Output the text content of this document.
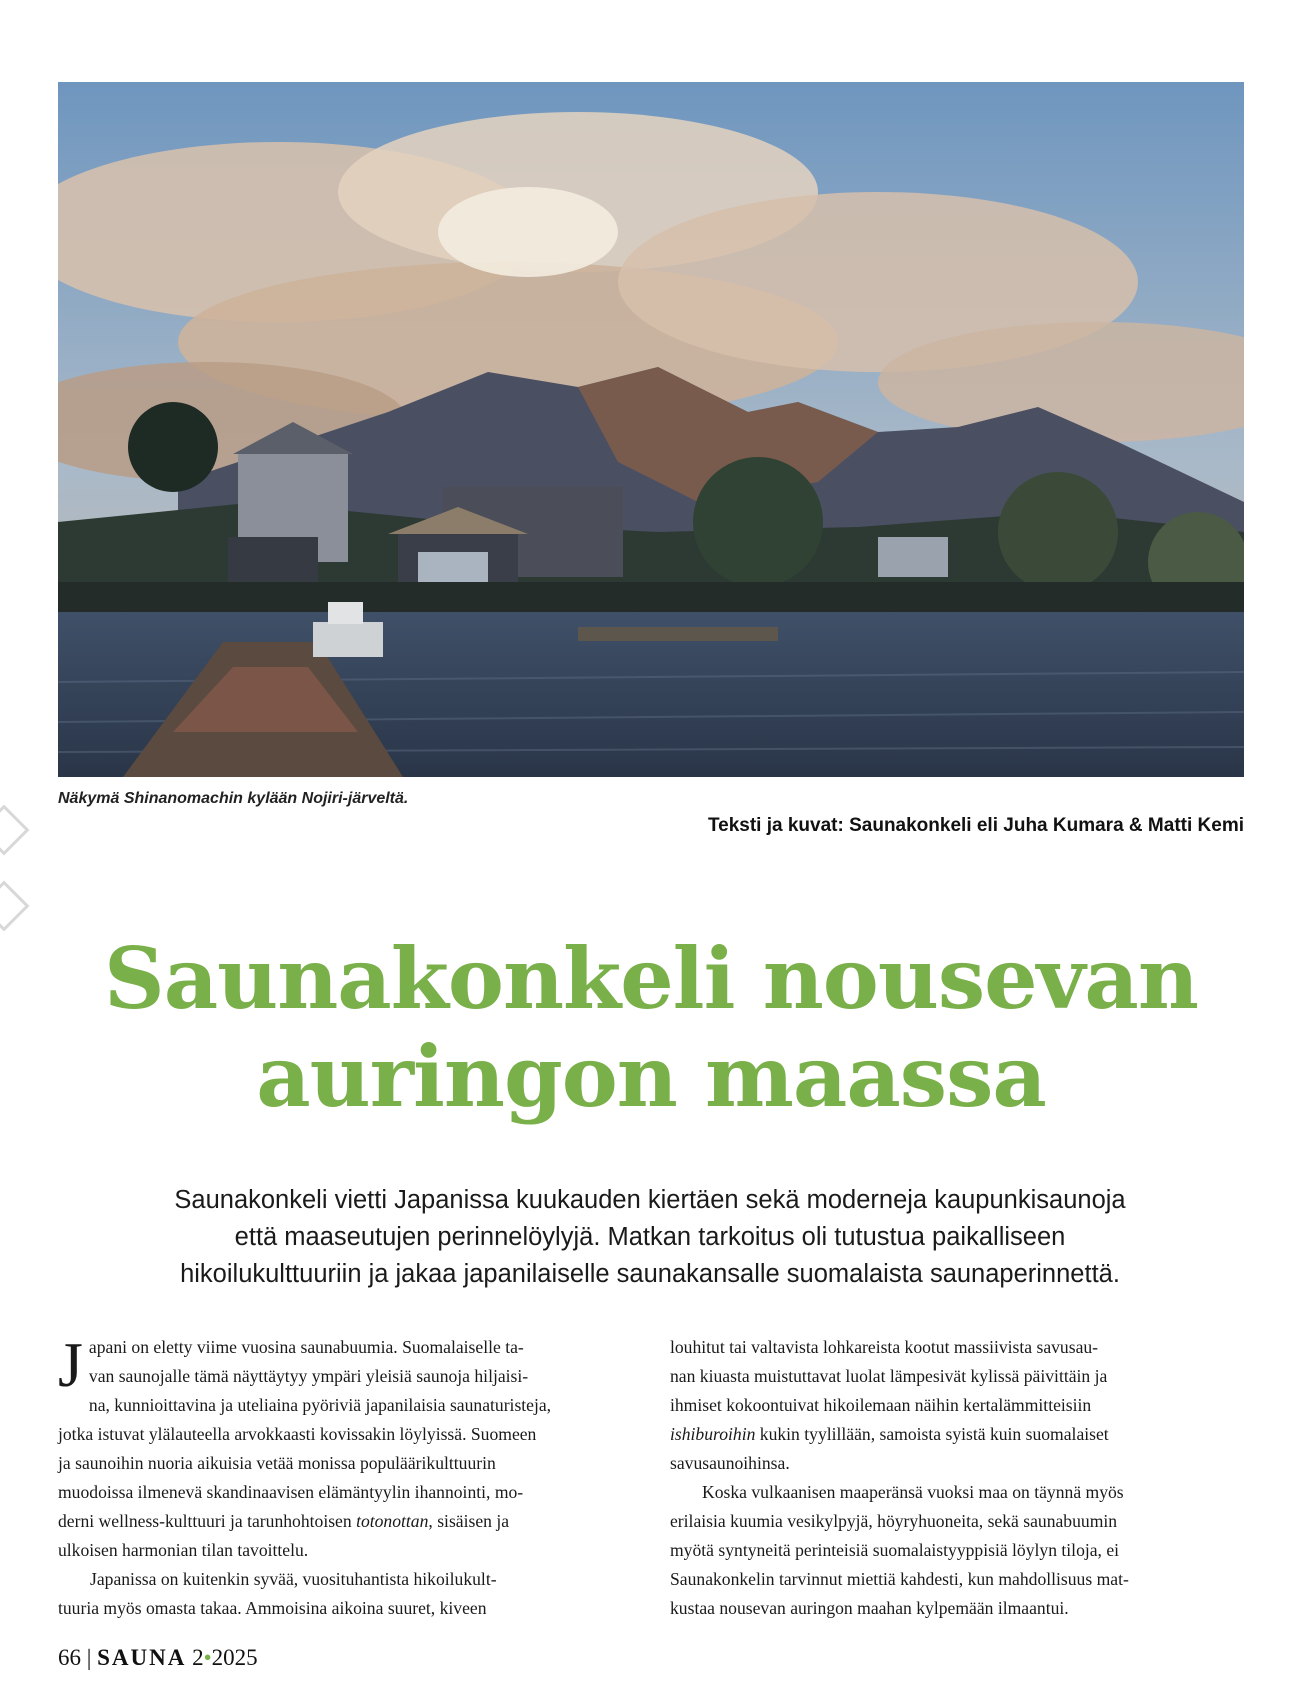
Näkymä Shinanomachin kylään Nojiri-järveltä.
Teksti ja kuvat: Saunakonkeli eli Juha Kumara & Matti Kemi
Saunakonkeli nousevan
auringon maassa
Saunakonkeli vietti Japanissa kuukauden kiertäen sekä moderneja kaupunkisaunoja
että maaseutujen perinnelöylyjä. Matkan tarkoitus oli tutustua paikalliseen
hikoilukulttuuriin ja jakaa japanilaiselle saunakansalle suomalaista saunaperinnettä.
J apani on eletty viime vuosina saunabuumia. Suomalaiselle ta-
van saunojalle tämä näyttäytyy ympäri yleisiä saunoja hiljaisi-
na, kunnioittavina ja uteliaina pyöriviä japanilaisia saunaturisteja,
jotka istuvat ylälauteella arvokkaasti kovissakin löylyissä. Suomeen
ja saunoihin nuoria aikuisia vetää monissa populäärikulttuurin
muodoissa ilmenevä skandinaavisen elämäntyylin ihannointi, mo-
derni wellness-kulttuuri ja tarunhohtoisen totonottan, sisäisen ja
ulkoisen harmonian tilan tavoittelu.
Japanissa on kuitenkin syvää, vuosituhantista hikoilukult-
tuuria myös omasta takaa. Ammoisina aikoina suuret, kiveen
louhitut tai valtavista lohkareista kootut massiivista savusau-
nan kiuasta muistuttavat luolat lämpesivät kylissä päivittäin ja
ihmiset kokoontuivat hikoilemaan näihin kertalämmitteisiin
ishiburoihin kukin tyylillään, samoista syistä kuin suomalaiset
savusaunoihinsa.
Koska vulkaanisen maaperänsä vuoksi maa on täynnä myös
erilaisia kuumia vesikylpyjä, höyryhuoneita, sekä saunabuumin
myötä syntyneitä perinteisiä suomalaistyyppisiä löylyn tiloja, ei
Saunakonkelin tarvinnut miettiä kahdesti, kun mahdollisuus mat-
kustaa nousevan auringon maahan kylpemään ilmaantui.
66 | SAUNA 2•2025
